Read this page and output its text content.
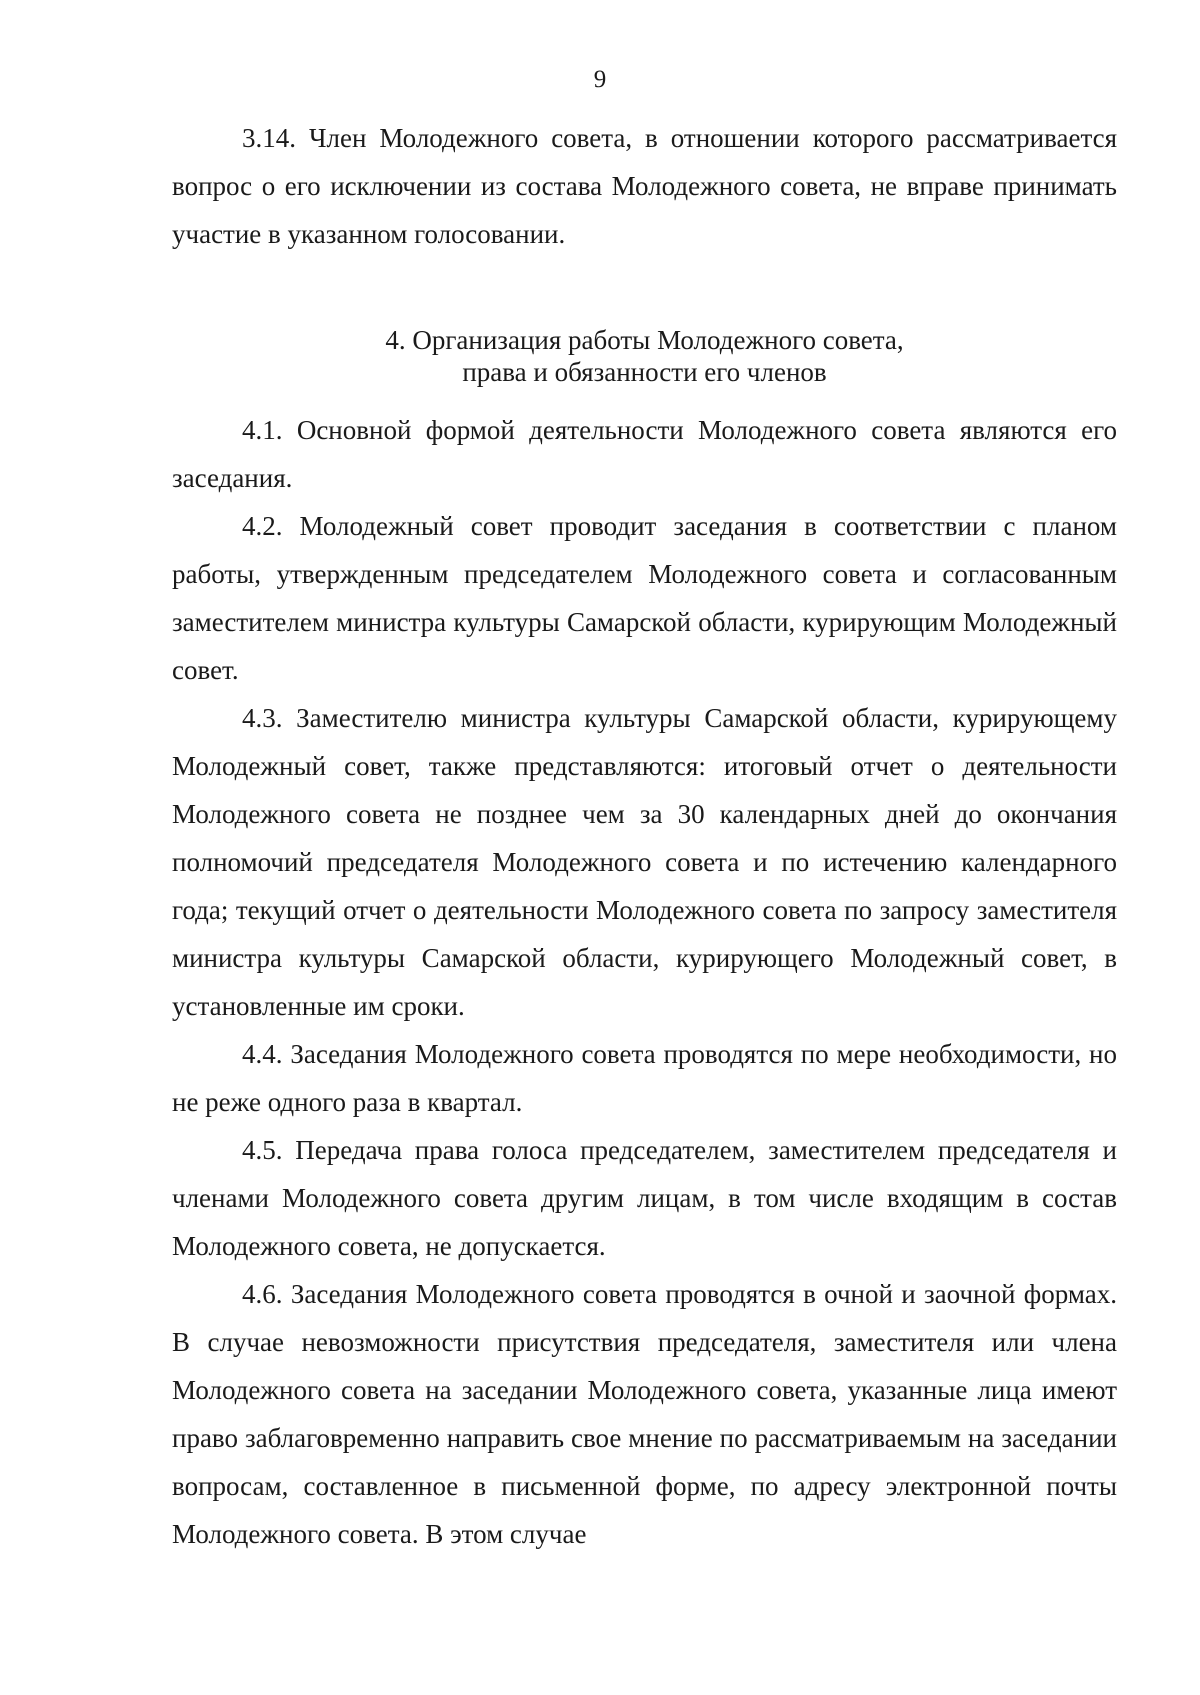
9

3.14. Член Молодежного совета, в отношении которого рассматривается вопрос о его исключении из состава Молодежного совета, не вправе принимать участие в указанном голосовании.

4. Организация работы Молодежного совета,

права и обязанности его членов

4.1. Основной формой деятельности Молодежного совета являются его заседания.

4.2. Молодежный совет проводит заседания в соответствии с планом работы, утвержденным председателем Молодежного совета и согласованным заместителем министра культуры Самарской области, курирующим Молодежный совет.

4.3. Заместителю министра культуры Самарской области, курирующему Молодежный совет, также представляются: итоговый отчет о деятельности Молодежного совета не позднее чем за 30 календарных дней до окончания полномочий председателя Молодежного совета и по истечению календарного года; текущий отчет о деятельности Молодежного совета по запросу заместителя министра культуры Самарской области, курирующего Молодежный совет, в установленные им сроки.

4.4. Заседания Молодежного совета проводятся по мере необходимости, но не реже одного раза в квартал.

4.5. Передача права голоса председателем, заместителем председателя и членами Молодежного совета другим лицам, в том числе входящим в состав Молодежного совета, не допускается.

4.6. Заседания Молодежного совета проводятся в очной и заочной формах. В случае невозможности присутствия председателя, заместителя или члена Молодежного совета на заседании Молодежного совета, указанные лица имеют право заблаговременно направить свое мнение по рассматриваемым на заседании вопросам, составленное в письменной форме, по адресу электронной почты Молодежного совета. В этом случае
